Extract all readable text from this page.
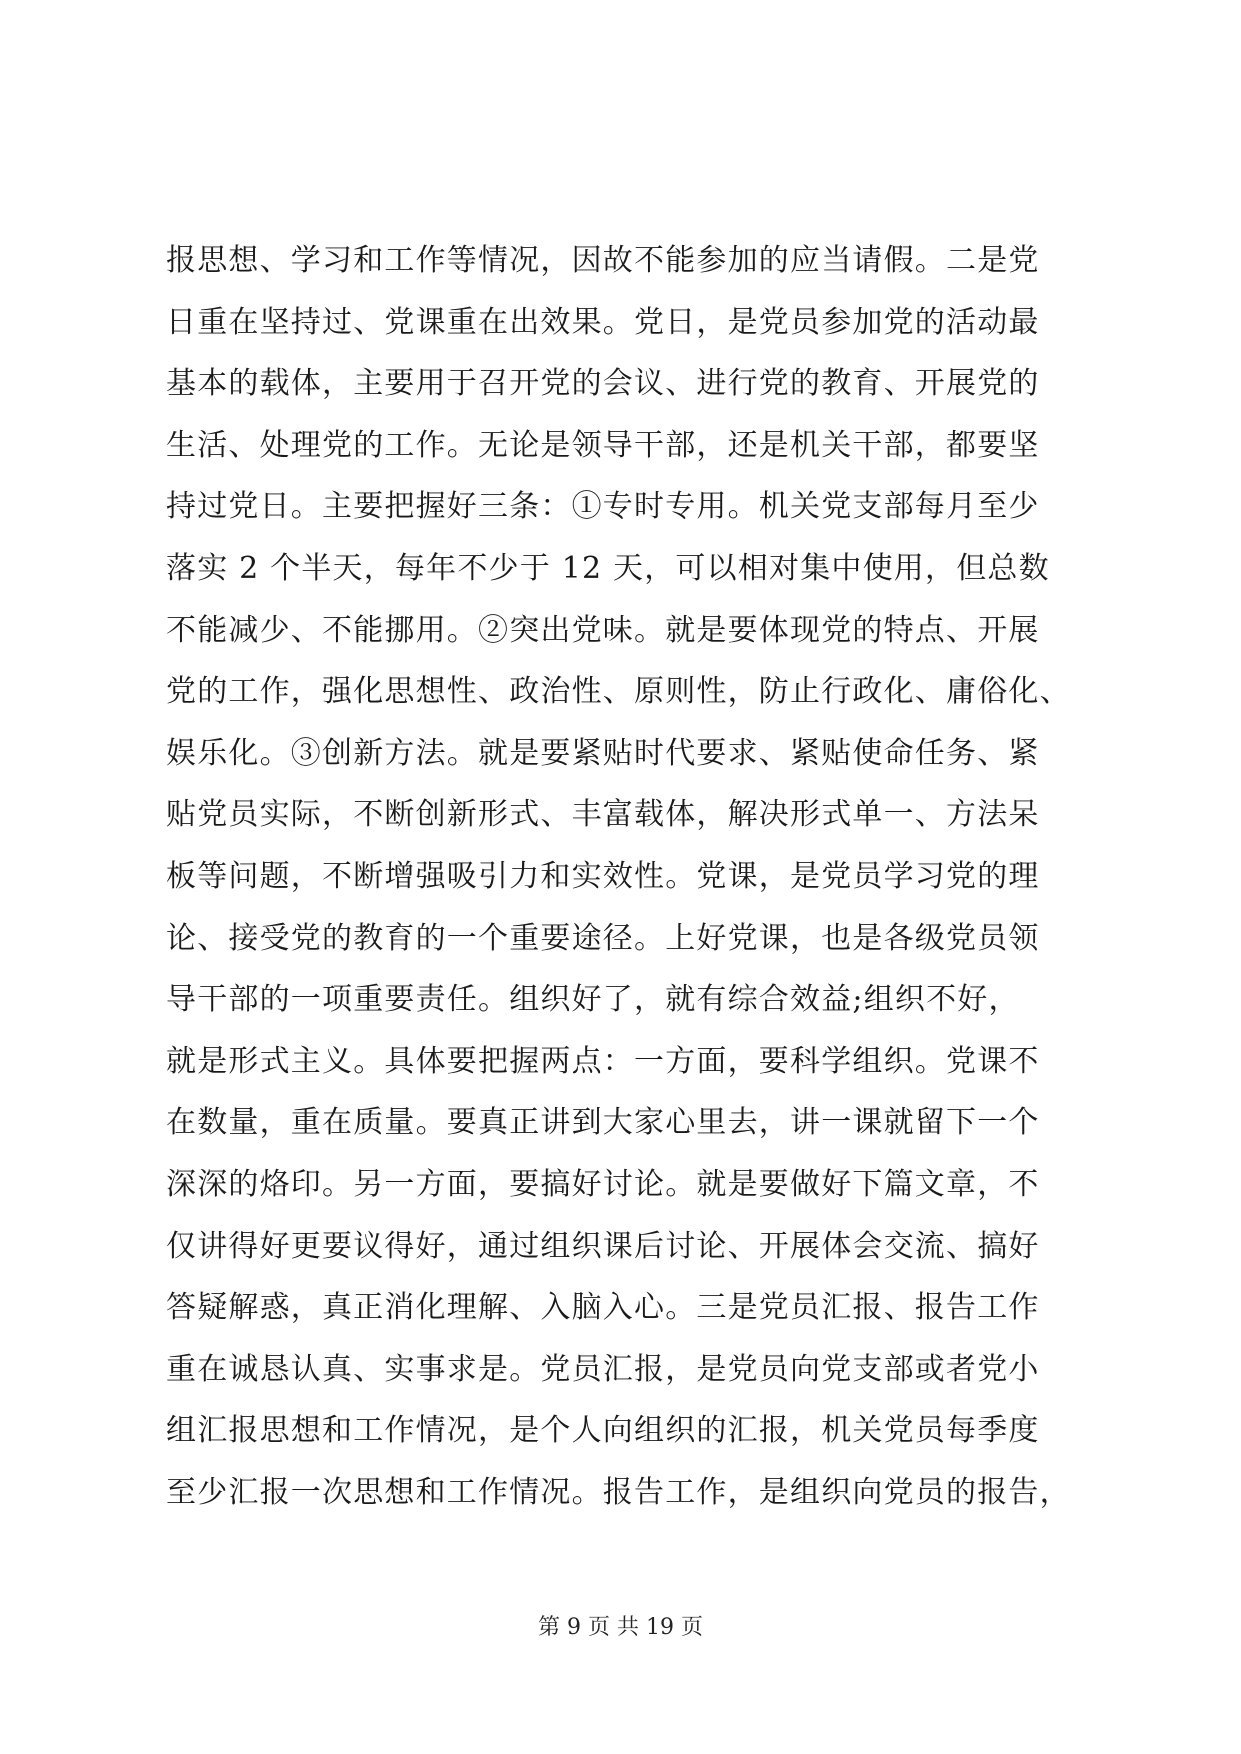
报思想、学习和工作等情况，因故不能参加的应当请假。二是党
日重在坚持过、党课重在出效果。党日，是党员参加党的活动最
基本的载体，主要用于召开党的会议、进行党的教育、开展党的
生活、处理党的工作。无论是领导干部，还是机关干部，都要坚
持过党日。主要把握好三条：①专时专用。机关党支部每月至少
落实 2 个半天，每年不少于 12 天，可以相对集中使用，但总数
不能减少、不能挪用。②突出党味。就是要体现党的特点、开展
党的工作，强化思想性、政治性、原则性，防止行政化、庸俗化、
娱乐化。③创新方法。就是要紧贴时代要求、紧贴使命任务、紧
贴党员实际，不断创新形式、丰富载体，解决形式单一、方法呆
板等问题，不断增强吸引力和实效性。党课，是党员学习党的理
论、接受党的教育的一个重要途径。上好党课，也是各级党员领
导干部的一项重要责任。组织好了，就有综合效益;组织不好，
就是形式主义。具体要把握两点：一方面，要科学组织。党课不
在数量，重在质量。要真正讲到大家心里去，讲一课就留下一个
深深的烙印。另一方面，要搞好讨论。就是要做好下篇文章，不
仅讲得好更要议得好，通过组织课后讨论、开展体会交流、搞好
答疑解惑，真正消化理解、入脑入心。三是党员汇报、报告工作
重在诚恳认真、实事求是。党员汇报，是党员向党支部或者党小
组汇报思想和工作情况，是个人向组织的汇报，机关党员每季度
至少汇报一次思想和工作情况。报告工作，是组织向党员的报告，
第 9 页 共 19 页
